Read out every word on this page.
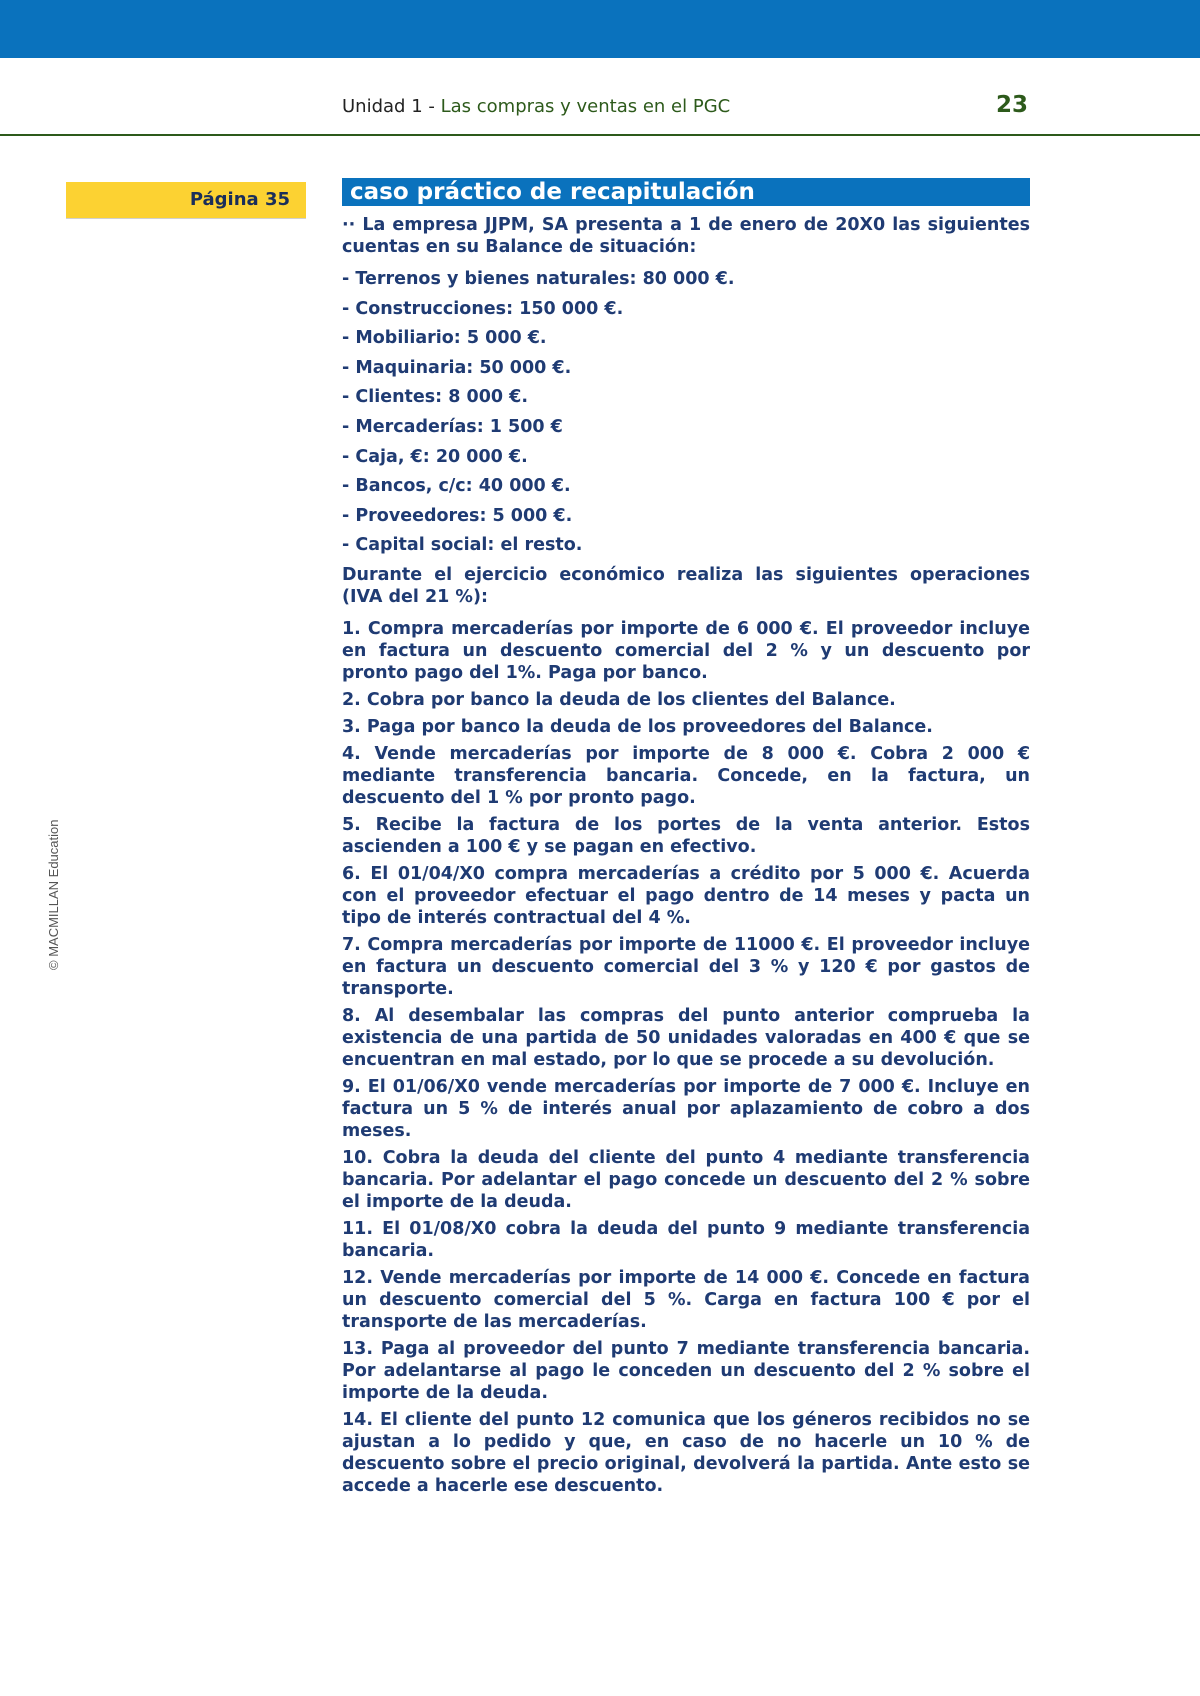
Unidad 1 - Las compras y ventas en el PGC	23
Página 35
© MACMILLAN Education
caso práctico de recapitulación

·· La empresa JJPM, SA presenta a 1 de enero de 20X0 las siguientes cuentas en su Balance de situación:

- Terrenos y bienes naturales: 80 000 €.
- Construcciones: 150 000 €.
- Mobiliario: 5 000 €.
- Maquinaria: 50 000 €.
- Clientes: 8 000 €.
- Mercaderías: 1 500 €
- Caja, €: 20 000 €.
- Bancos, c/c: 40 000 €.
- Proveedores: 5 000 €.
- Capital social: el resto.

Durante el ejercicio económico realiza las siguientes operaciones (IVA del 21 %):

1. Compra mercaderías por importe de 6 000 €. El proveedor incluye en factura un descuento comercial del 2 % y un descuento por pronto pago del 1%. Paga por banco.
2. Cobra por banco la deuda de los clientes del Balance.
3. Paga por banco la deuda de los proveedores del Balance.
4. Vende mercaderías por importe de 8 000 €. Cobra 2 000 € mediante transferencia bancaria. Concede, en la factura, un descuento del 1 % por pronto pago.
5. Recibe la factura de los portes de la venta anterior. Estos ascienden a 100 € y se pagan en efectivo.
6. El 01/04/X0 compra mercaderías a crédito por 5 000 €. Acuerda con el proveedor efectuar el pago dentro de 14 meses y pacta un tipo de interés contractual del 4 %.
7. Compra mercaderías por importe de 11000 €. El proveedor incluye en factura un descuento comercial del 3 % y 120 € por gastos de transporte.
8. Al desembalar las compras del punto anterior comprueba la existencia de una partida de 50 unidades valoradas en 400 € que se encuentran en mal estado, por lo que se procede a su devolución.
9. El 01/06/X0 vende mercaderías por importe de 7 000 €. Incluye en factura un 5 % de interés anual por aplazamiento de cobro a dos meses.
10. Cobra la deuda del cliente del punto 4 mediante transferencia bancaria. Por adelantar el pago concede un descuento del 2 % sobre el importe de la deuda.
11. El 01/08/X0 cobra la deuda del punto 9 mediante transferencia bancaria.
12. Vende mercaderías por importe de 14 000 €. Concede en factura un descuento comercial del 5 %. Carga en factura 100 € por el transporte de las mercaderías.
13. Paga al proveedor del punto 7 mediante transferencia bancaria. Por adelantarse al pago le conceden un descuento del 2 % sobre el importe de la deuda.
14. El cliente del punto 12 comunica que los géneros recibidos no se ajustan a lo pedido y que, en caso de no hacerle un 10 % de descuento sobre el precio original, devolverá la partida. Ante esto se accede a hacerle ese descuento.
